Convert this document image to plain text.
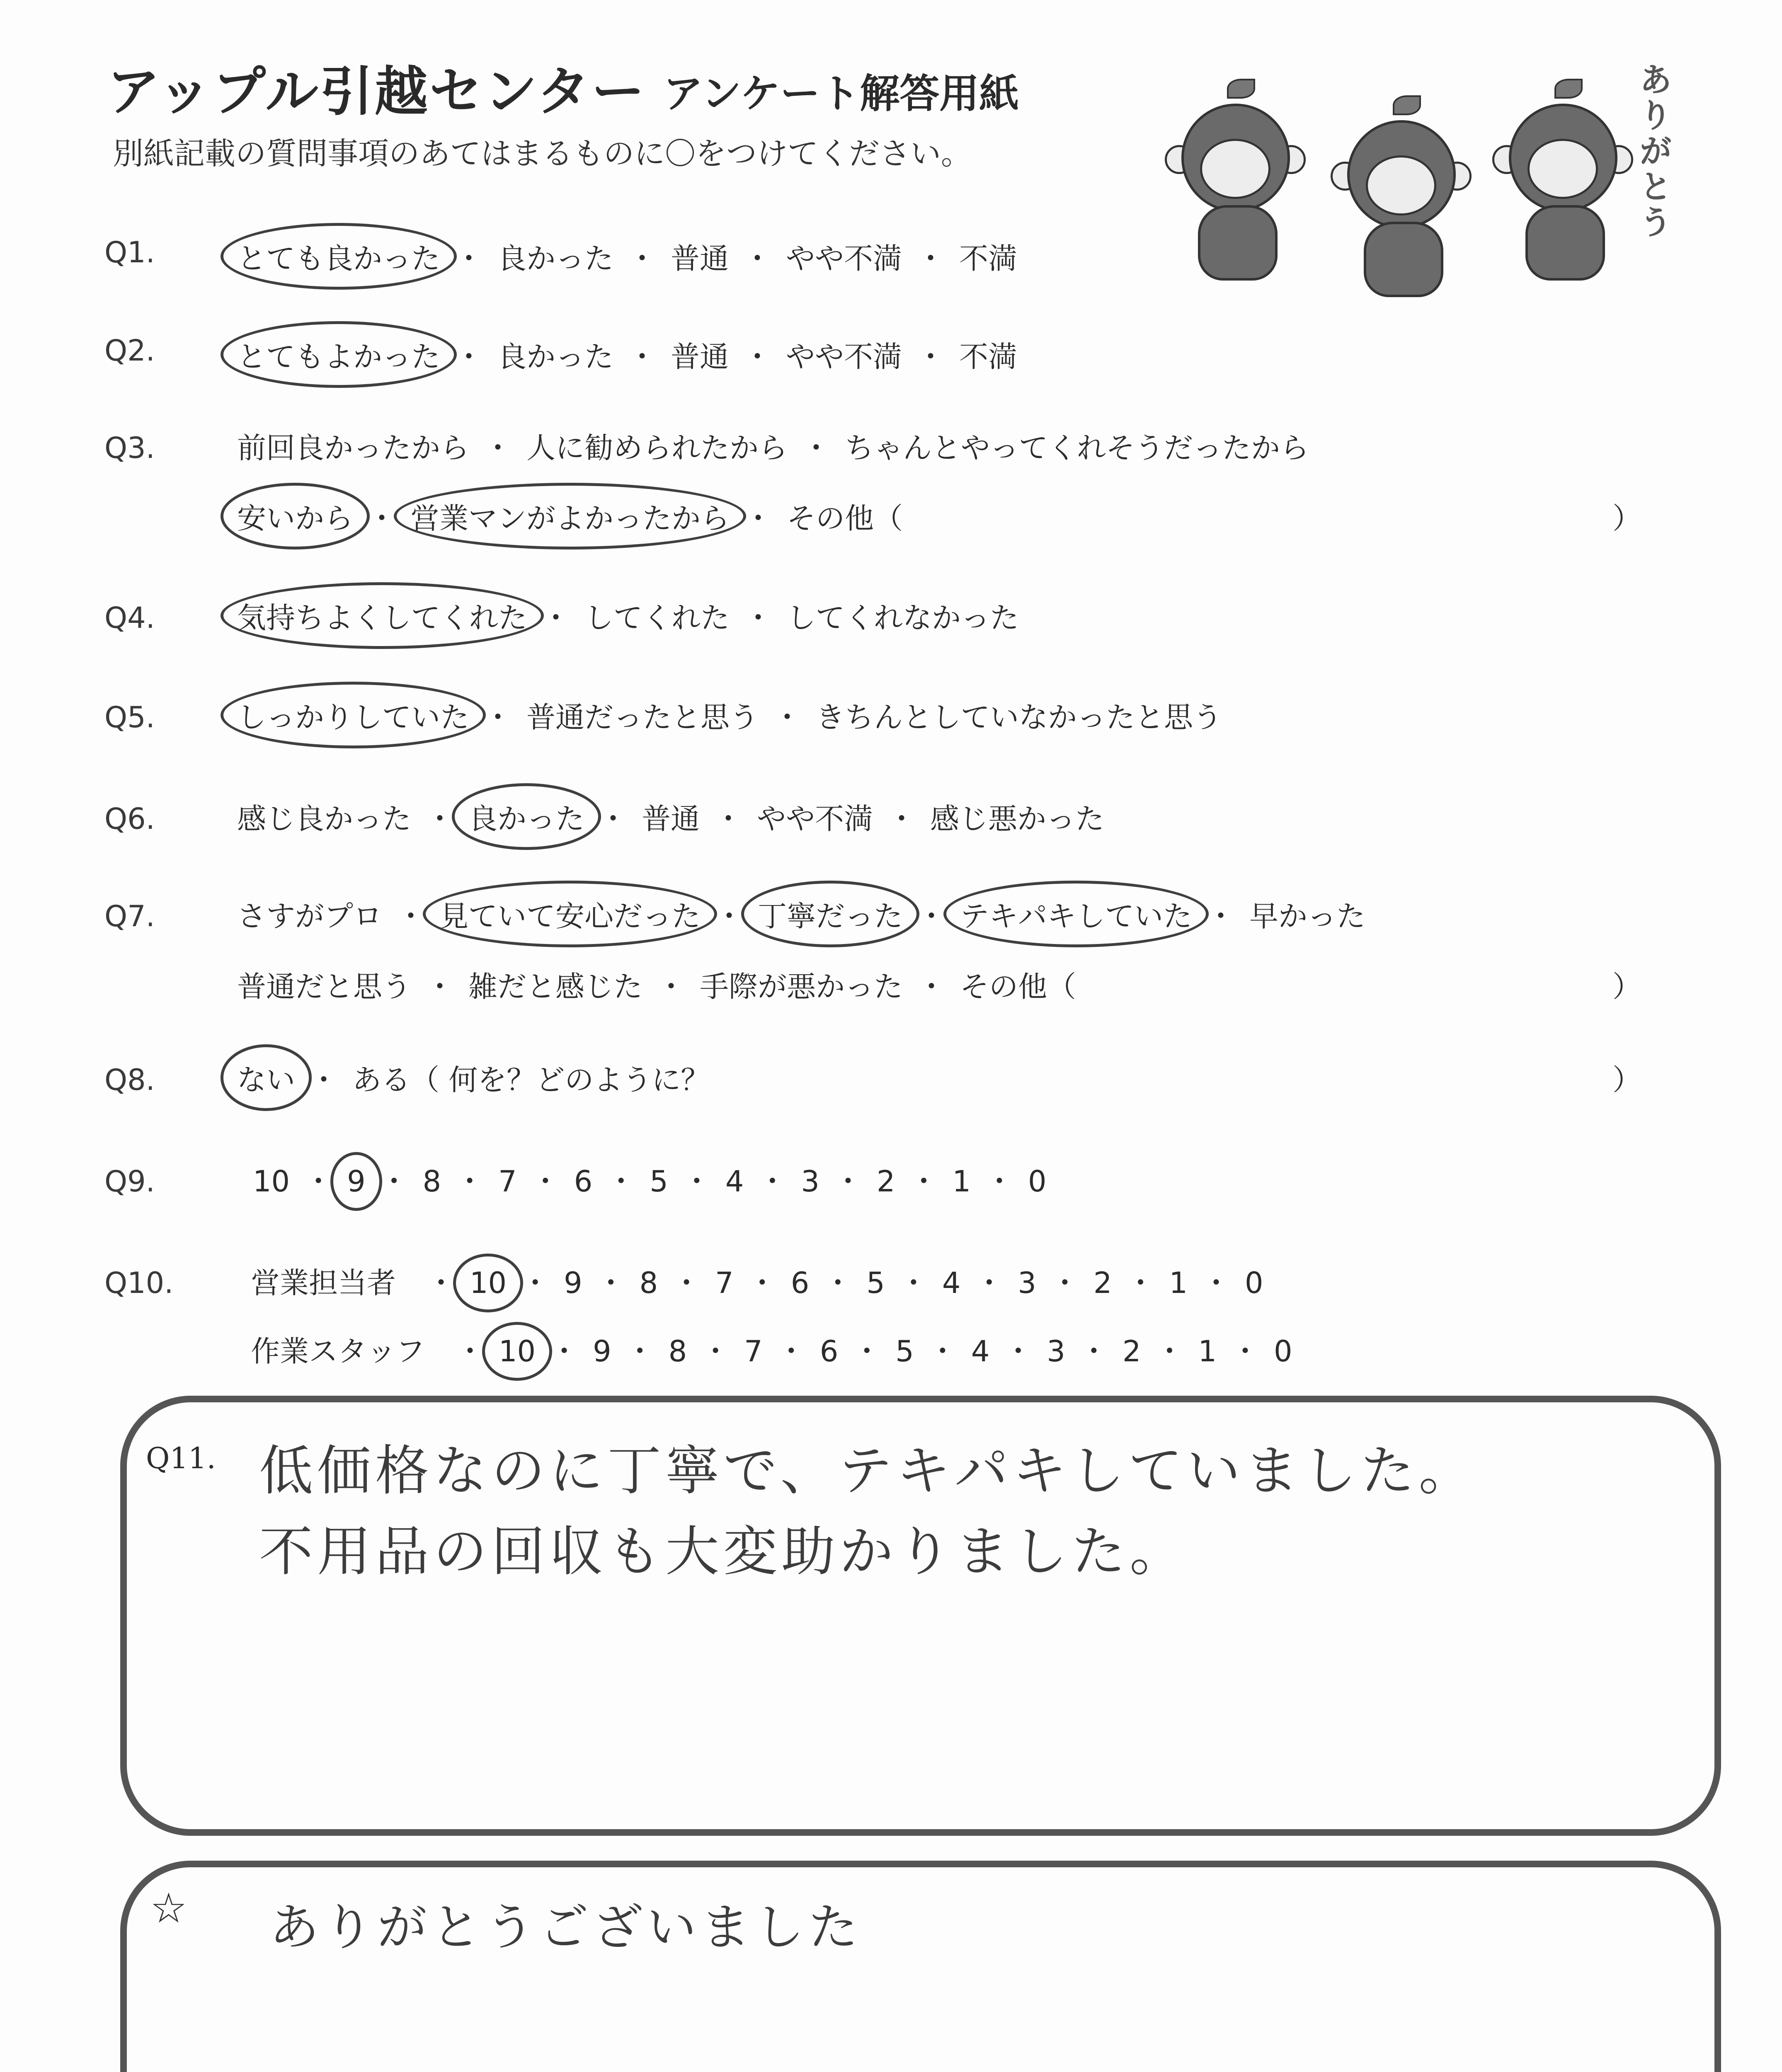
アップル引越センター アンケート解答用紙
別紙記載の質問事項のあてはまるものに〇をつけてください。	ありがとう
Q1.	とても良かった ・ 良かった ・ 普通 ・ やや不満 ・ 不満
Q2.	とてもよかった ・ 良かった ・ 普通 ・ やや不満 ・ 不満
Q3.	前回良かったから ・ 人に勧められたから ・ ちゃんとやってくれそうだったから
安いから ・ 営業マンがよかったから ・ その他（	）
Q4.	気持ちよくしてくれた ・ してくれた ・ してくれなかった
Q5.	しっかりしていた ・ 普通だったと思う ・ きちんとしていなかったと思う
Q6.	感じ良かった ・ 良かった ・ 普通 ・ やや不満 ・ 感じ悪かった
Q7.	さすがプロ ・ 見ていて安心だった ・ 丁寧だった ・ テキパキしていた ・ 早かった
普通だと思う ・ 雑だと感じた ・ 手際が悪かった ・ その他（	）
Q8.	ない ・ ある（ 何を？どのように？	）
Q9.	10 ・ 9 ・ 8 ・ 7 ・ 6 ・ 5 ・ 4 ・ 3 ・ 2 ・ 1 ・ 0
Q10.	営業担当者 ・ 10 ・ 9 ・ 8 ・ 7 ・ 6 ・ 5 ・ 4 ・ 3 ・ 2 ・ 1 ・ 0
作業スタッフ ・ 10 ・ 9 ・ 8 ・ 7 ・ 6 ・ 5 ・ 4 ・ 3 ・ 2 ・ 1 ・ 0
Q11. 低価格なのに丁寧で、テキパキしていました。
不用品の回収も大変助かりました。
☆ ありがとうございました
